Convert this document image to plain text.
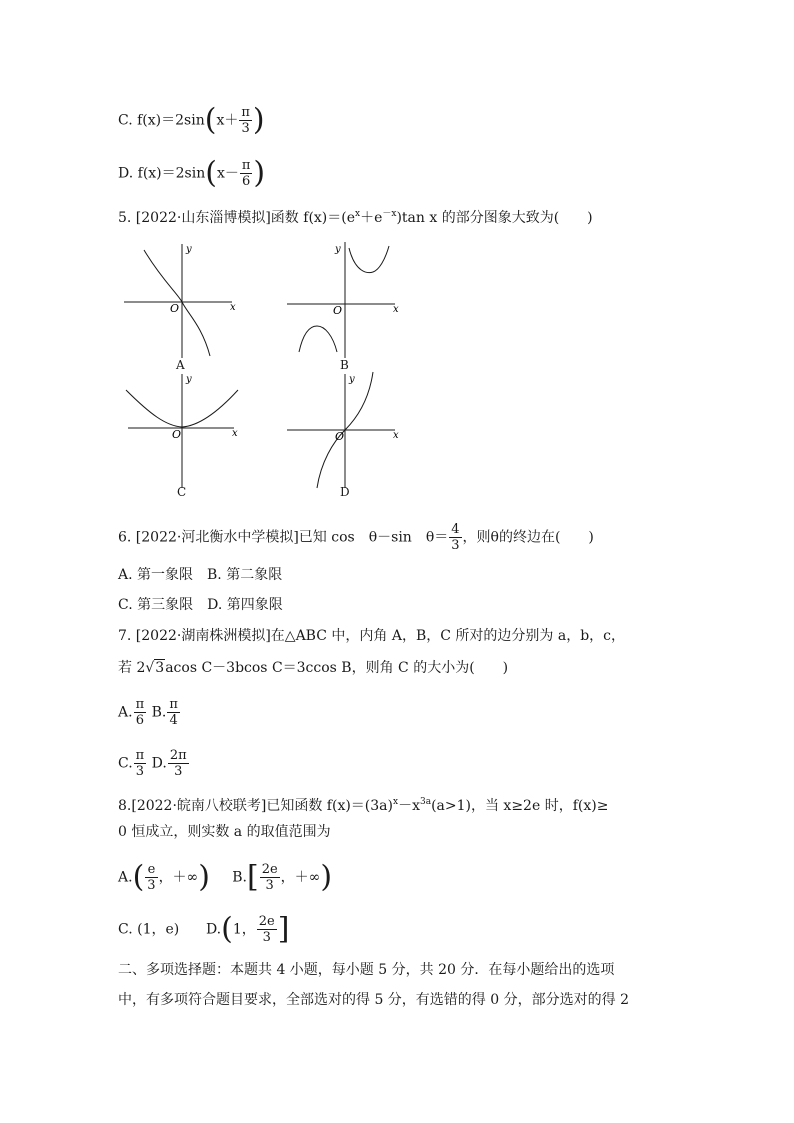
C. $f(x)=2\sin(x+ \frac{\pi}{3}$ )
D. $f(x)=2\sin(x- \frac{\pi}{6}$ )
5. [2022·山东淄博模拟]函数 $f(x)=(e^x+e^{-x})\tan$ x 的部分图象大致为(　　)
y
x
O
A
y
x
O
B
y
x
O
C
y
x
O
D
6. [2022·河北衡水中学模拟]已知 cos　θ－sin　$\theta= \frac{4}{3}$ ，则θ的终边在(　　)
A. 第一象限　B. 第二象限
C. 第三象限　D. 第四象限
7. [2022·湖南株洲模拟]在△ABC 中，内角 A，B，C 所对的边分别为 a，b，c，
若 2√3acos C－3bcos C＝3ccos B，则角 C 的大小为(　　)
A. $\frac{\pi}{6} B$. $\frac{\pi}{4}$
C. $\frac{\pi}{3} D$. $\frac{2\pi}{3}$
8.[2022·皖南八校联考]已知函数 $f(x)=(3a)^x-x^{3a}(a>1)$，当 x≥2e 时，f(x)≥
0 恒成立，则实数 a 的取值范围为
$A.( \frac{e}{3}$ ，＋∞) $B.[ \frac{2e}{3}$ ，＋∞)
C. (1，e) D.(1， $\frac{2e}{3}$ ]
二、多项选择题：本题共 4 小题，每小题 5 分，共 20 分．在每小题给出的选项
中，有多项符合题目要求，全部选对的得 5 分，有选错的得 0 分，部分选对的得 2
